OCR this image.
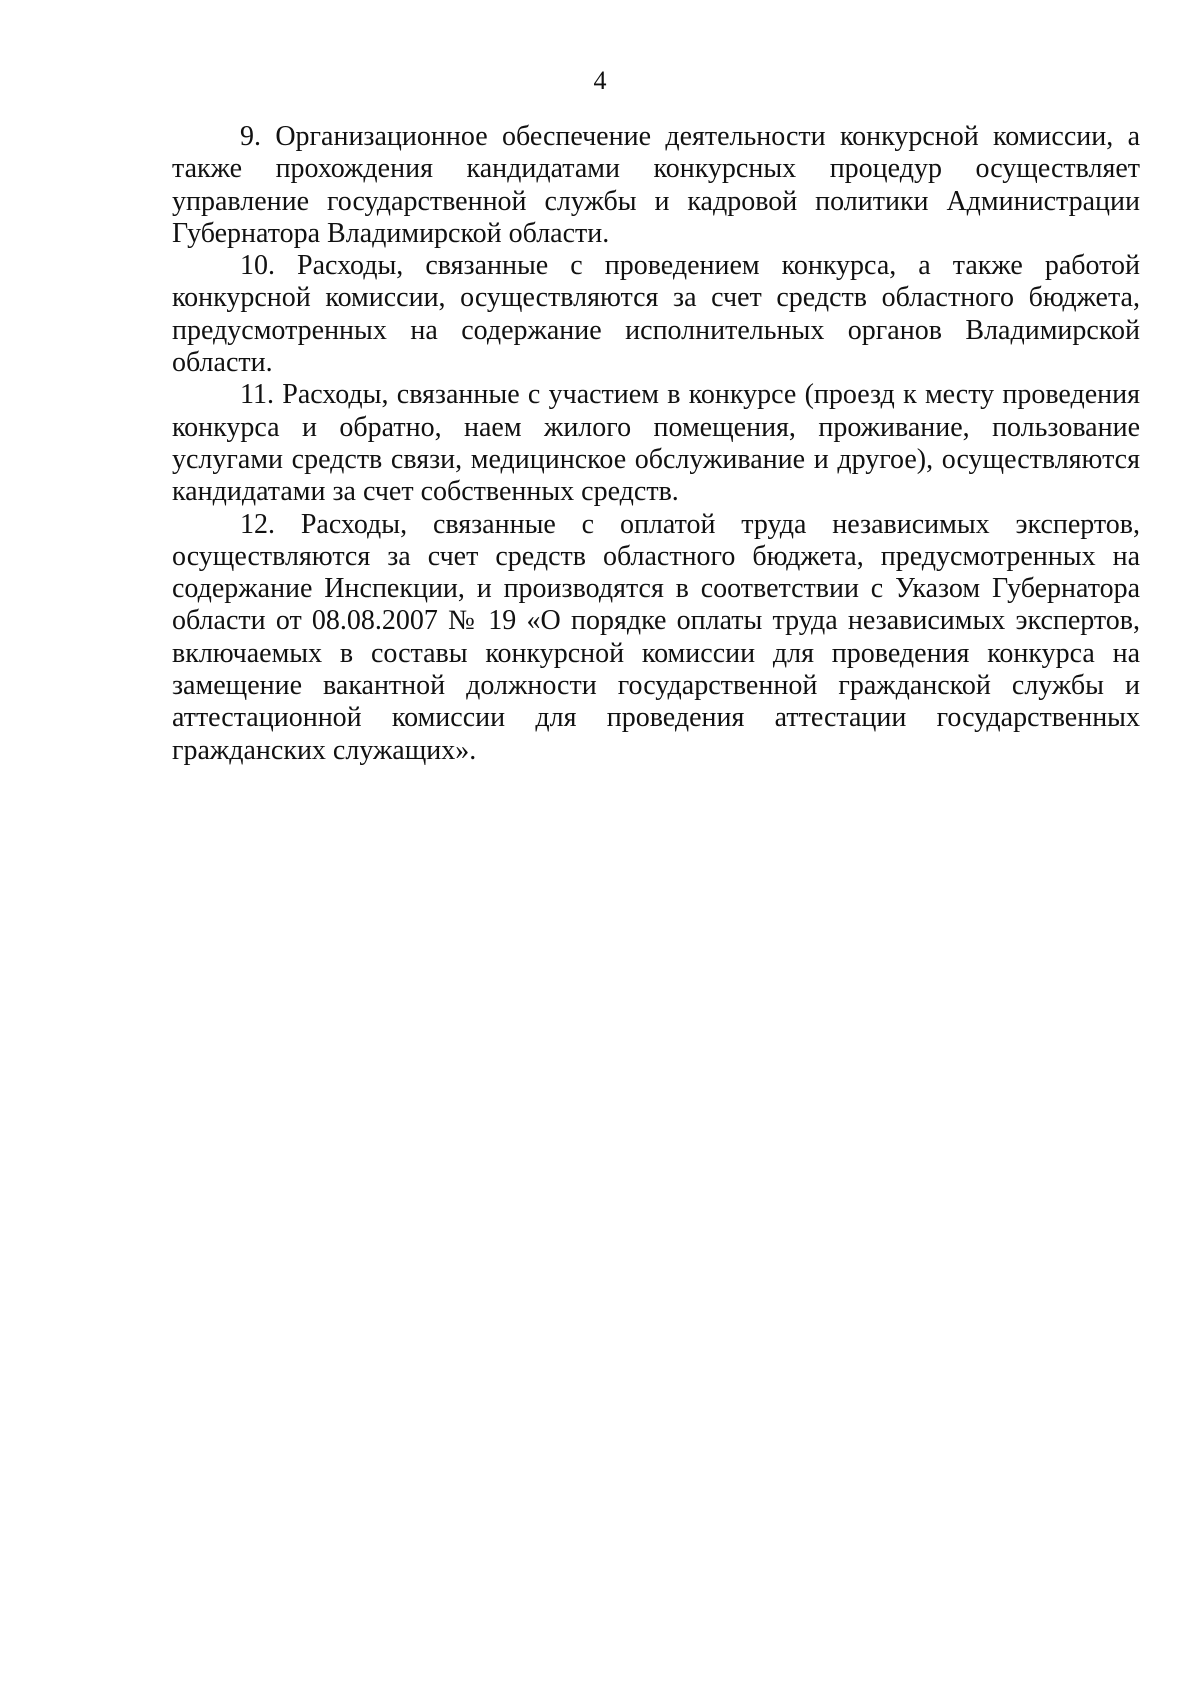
4

9. Организационное обеспечение деятельности конкурсной комиссии, а также прохождения кандидатами конкурсных процедур осуществляет управление государственной службы и кадровой политики Администрации Губернатора Владимирской области.

10. Расходы, связанные с проведением конкурса, а также работой конкурсной комиссии, осуществляются за счет средств областного бюджета, предусмотренных на содержание исполнительных органов Владимирской области.

11. Расходы, связанные с участием в конкурсе (проезд к месту проведения конкурса и обратно, наем жилого помещения, проживание, пользование услугами средств связи, медицинское обслуживание и другое), осуществляются кандидатами за счет собственных средств.

12. Расходы, связанные с оплатой труда независимых экспертов, осуществляются за счет средств областного бюджета, предусмотренных на содержание Инспекции, и производятся в соответствии с Указом Губернатора области от 08.08.2007 № 19 «О порядке оплаты труда независимых экспертов, включаемых в составы конкурсной комиссии для проведения конкурса на замещение вакантной должности государственной гражданской службы и аттестационной комиссии для проведения аттестации государственных гражданских служащих».
